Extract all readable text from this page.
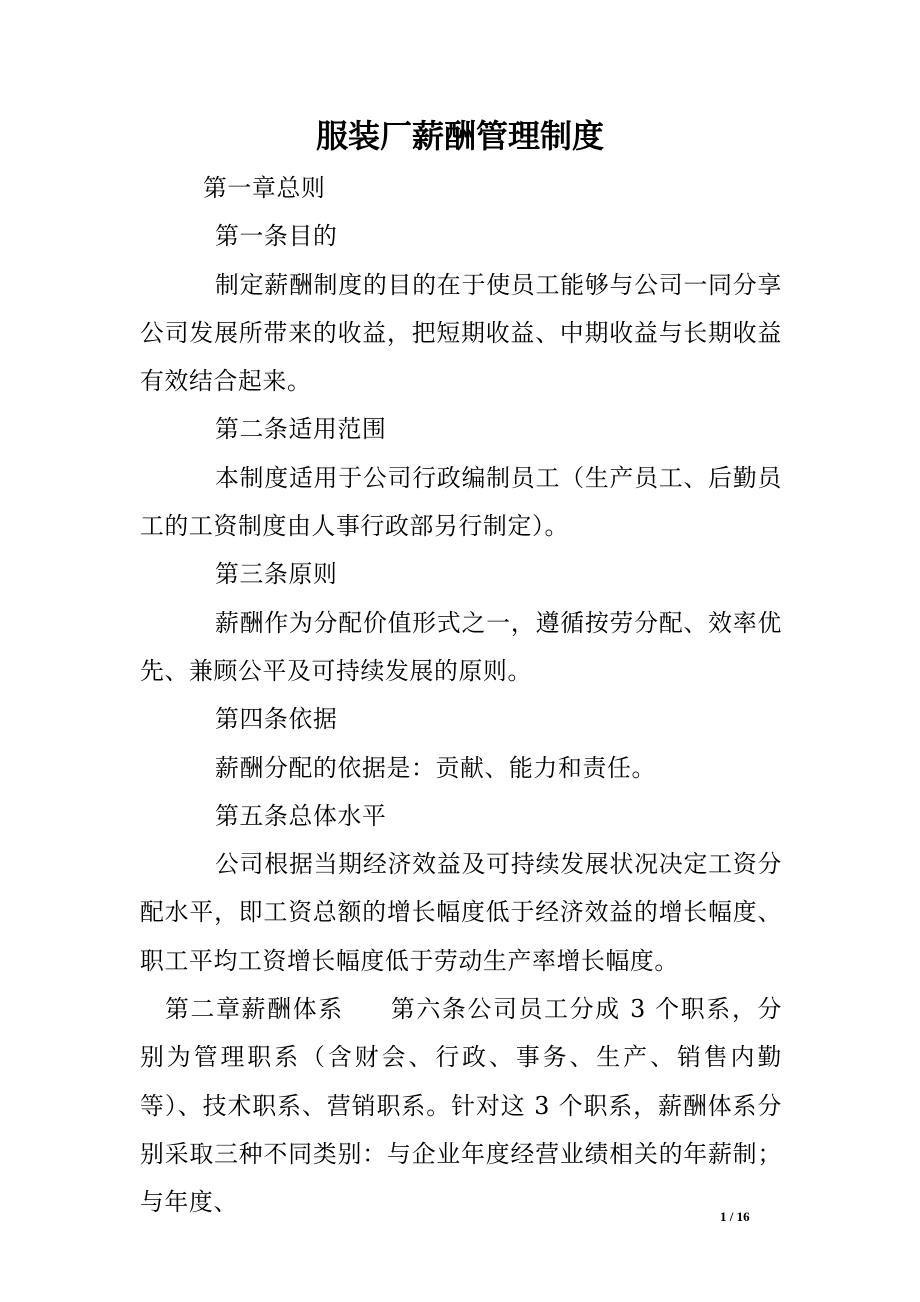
服装厂薪酬管理制度

第一章总则

第一条目的

制定薪酬制度的目的在于使员工能够与公司一同分享公司发展所带来的收益，把短期收益、中期收益与长期收益有效结合起来。

第二条适用范围

本制度适用于公司行政编制员工（生产员工、后勤员工的工资制度由人事行政部另行制定）。

第三条原则

薪酬作为分配价值形式之一，遵循按劳分配、效率优先、兼顾公平及可持续发展的原则。

第四条依据

薪酬分配的依据是：贡献、能力和责任。

第五条总体水平

公司根据当期经济效益及可持续发展状况决定工资分配水平，即工资总额的增长幅度低于经济效益的增长幅度、职工平均工资增长幅度低于劳动生产率增长幅度。

第二章薪酬体系 第六条公司员工分成 3 个职系，分别为管理职系（含财会、行政、事务、生产、销售内勤等）、技术职系、营销职系。针对这 3 个职系，薪酬体系分别采取三种不同类别：与企业年度经营业绩相关的年薪制；与年度、

1 / 16
